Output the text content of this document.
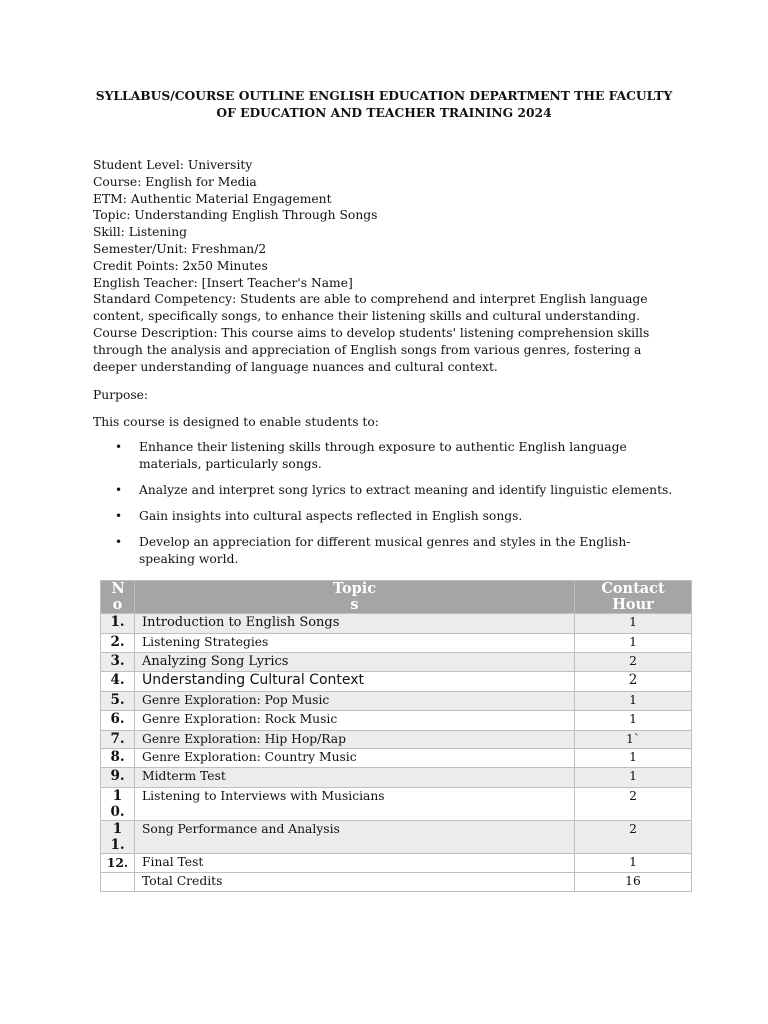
SYLLABUS/COURSE OUTLINE ENGLISH EDUCATION DEPARTMENT THE FACULTY OF EDUCATION AND TEACHER TRAINING 2024
Student Level: University
Course: English for Media
ETM: Authentic Material Engagement
Topic: Understanding English Through Songs
Skill: Listening
Semester/Unit: Freshman/2
Credit Points: 2x50 Minutes
English Teacher: [Insert Teacher's Name]
Standard Competency: Students are able to comprehend and interpret English language content, specifically songs, to enhance their listening skills and cultural understanding.
Course Description: This course aims to develop students' listening comprehension skills through the analysis and appreciation of English songs from various genres, fostering a deeper understanding of language nuances and cultural context.
Purpose:
This course is designed to enable students to:
• Enhance their listening skills through exposure to authentic English language materials, particularly songs.
• Analyze and interpret song lyrics to extract meaning and identify linguistic elements.
• Gain insights into cultural aspects reflected in English songs.
• Develop an appreciation for different musical genres and styles in the English-speaking world.
No	Topics	Contact Hour

1.	Introduction to English Songs	1
2.	Listening Strategies	1
3.	Analyzing Song Lyrics	2
4.	Understanding Cultural Context	2
5.	Genre Exploration: Pop Music	1
6.	Genre Exploration: Rock Music	1
7.	Genre Exploration: Hip Hop/Rap	1`
8.	Genre Exploration: Country Music	1
9.	Midterm Test	1

10.	Listening to Interviews with Musicians	2

11.	Song Performance and Analysis	2
12.	Final Test	1
	Total Credits	16
